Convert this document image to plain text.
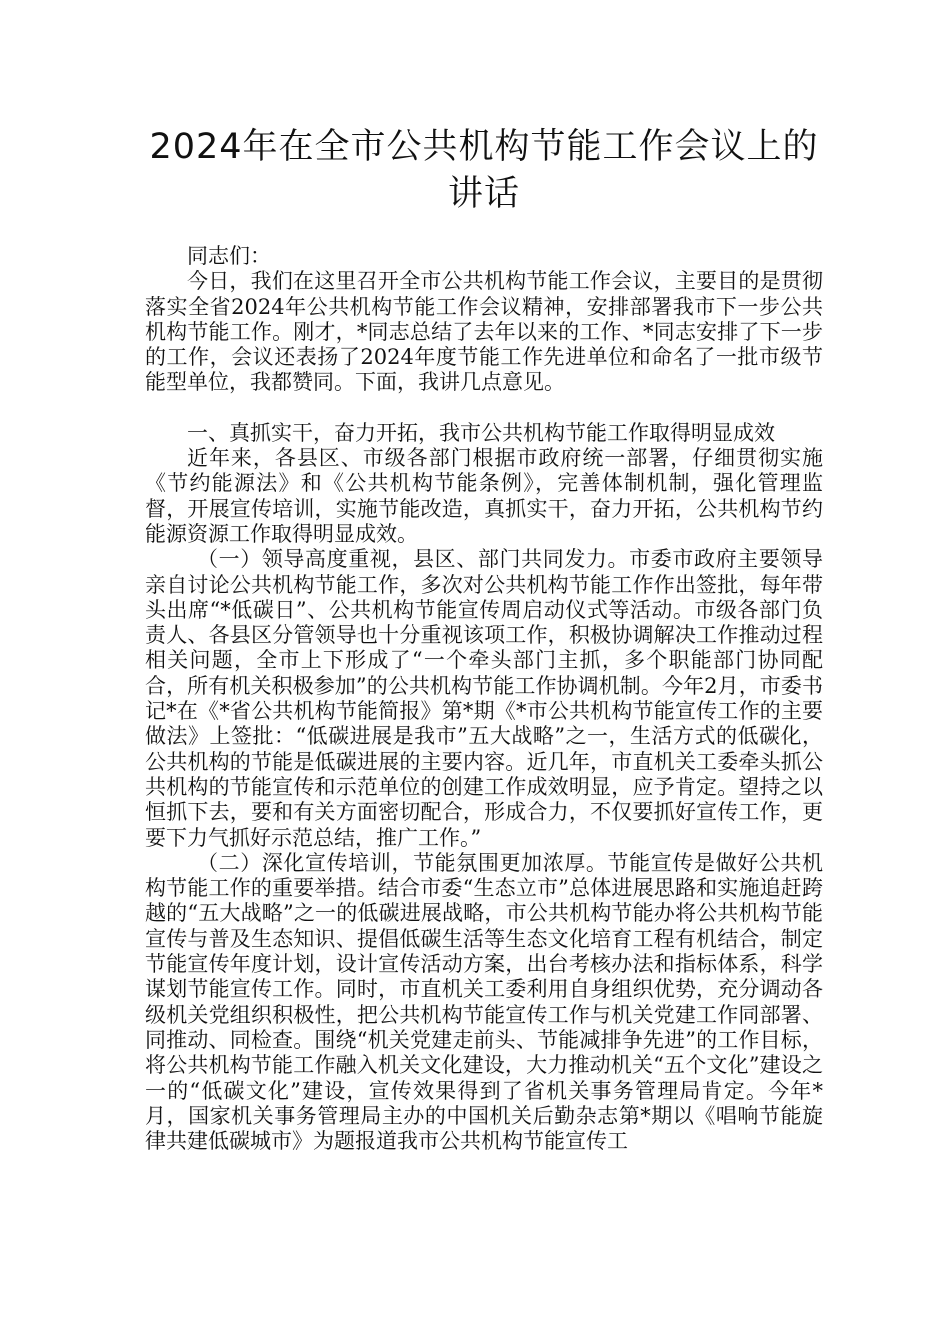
2024年在全市公共机构节能工作会议上的讲话

同志们：

今日，我们在这里召开全市公共机构节能工作会议，主要目的是贯彻落实全省2024年公共机构节能工作会议精神，安排部署我市下一步公共机构节能工作。刚才，*同志总结了去年以来的工作、*同志安排了下一步的工作，会议还表扬了2024年度节能工作先进单位和命名了一批市级节能型单位，我都赞同。下面，我讲几点意见。

一、真抓实干，奋力开拓，我市公共机构节能工作取得明显成效

近年来，各县区、市级各部门根据市政府统一部署，仔细贯彻实施《节约能源法》和《公共机构节能条例》，完善体制机制，强化管理监督，开展宣传培训，实施节能改造，真抓实干，奋力开拓，公共机构节约能源资源工作取得明显成效。

（一）领导高度重视，县区、部门共同发力。市委市政府主要领导亲自讨论公共机构节能工作，多次对公共机构节能工作作出签批，每年带头出席“*低碳日”、公共机构节能宣传周启动仪式等活动。市级各部门负责人、各县区分管领导也十分重视该项工作，积极协调解决工作推动过程相关问题，全市上下形成了“一个牵头部门主抓，多个职能部门协同配合，所有机关积极参加”的公共机构节能工作协调机制。今年2月，市委书记*在《*省公共机构节能简报》第*期《*市公共机构节能宣传工作的主要做法》上签批：“低碳进展是我市”五大战略”之一，生活方式的低碳化，公共机构的节能是低碳进展的主要内容。近几年，市直机关工委牵头抓公共机构的节能宣传和示范单位的创建工作成效明显，应予肯定。望持之以恒抓下去，要和有关方面密切配合，形成合力，不仅要抓好宣传工作，更要下力气抓好示范总结，推广工作。”

（二）深化宣传培训，节能氛围更加浓厚。节能宣传是做好公共机构节能工作的重要举措。结合市委“生态立市”总体进展思路和实施追赶跨越的“五大战略”之一的低碳进展战略，市公共机构节能办将公共机构节能宣传与普及生态知识、提倡低碳生活等生态文化培育工程有机结合，制定节能宣传年度计划，设计宣传活动方案，出台考核办法和指标体系，科学谋划节能宣传工作。同时，市直机关工委利用自身组织优势，充分调动各级机关党组织积极性，把公共机构节能宣传工作与机关党建工作同部署、同推动、同检查。围绕“机关党建走前头、节能减排争先进”的工作目标，将公共机构节能工作融入机关文化建设，大力推动机关“五个文化”建设之一的“低碳文化”建设，宣传效果得到了省机关事务管理局肯定。今年*月，国家机关事务管理局主办的中国机关后勤杂志第*期以《唱响节能旋律共建低碳城市》为题报道我市公共机构节能宣传工
